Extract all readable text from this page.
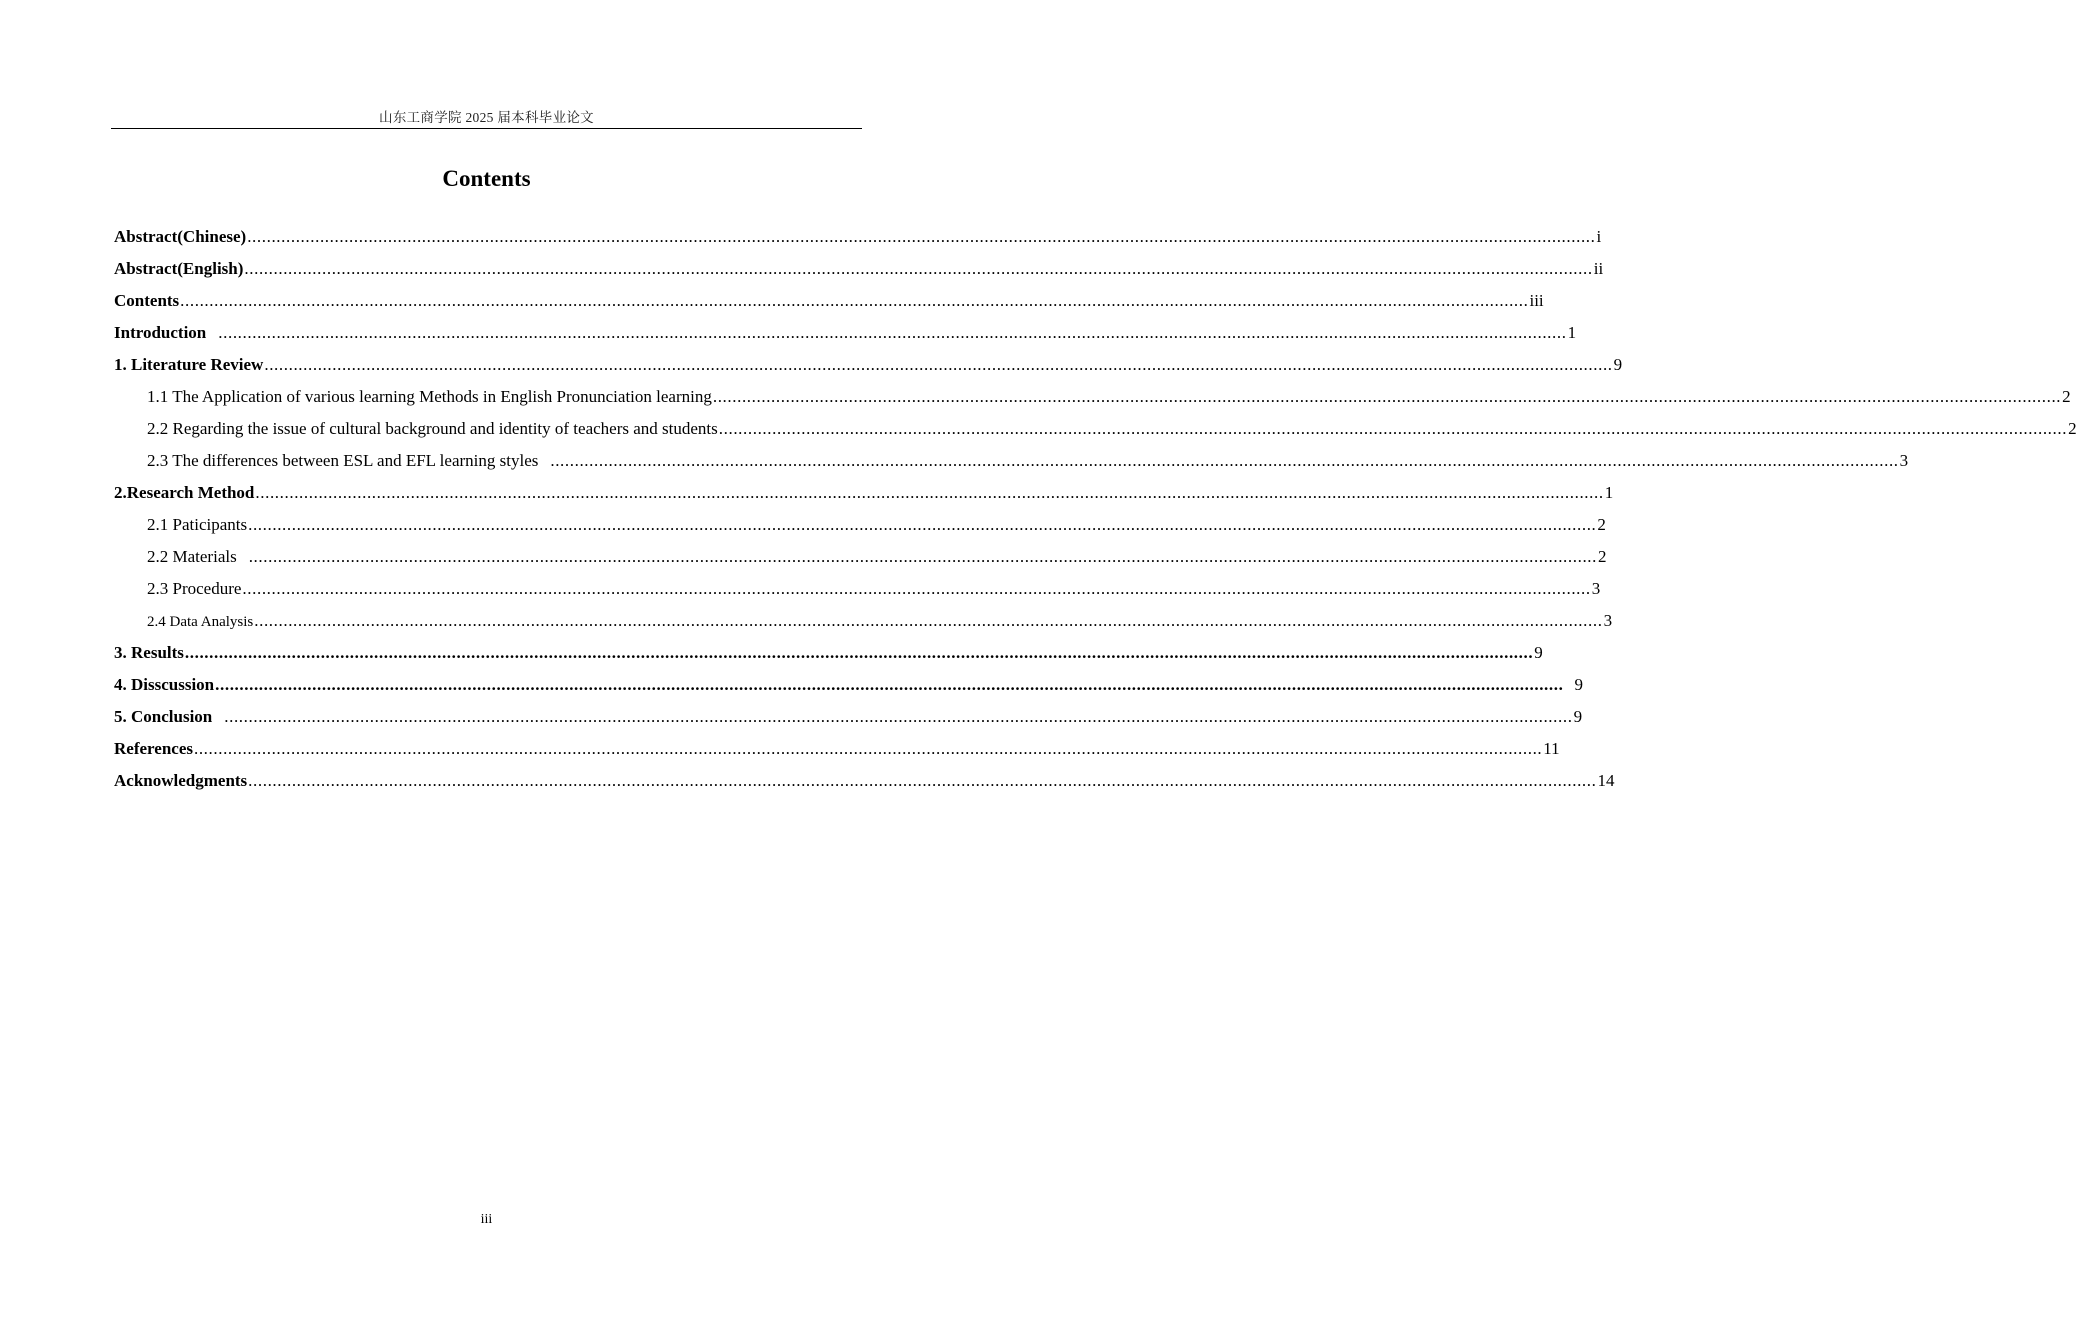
山东工商学院 2025 届本科毕业论文
Contents
Abstract(Chinese) ...................................................................................................................................................................................................................................................................................... i
Abstract(English) ...................................................................................................................................................................................................................................................................................... ii
Contents ...................................................................................................................................................................................................................................................................................... iii
Introduction ...................................................................................................................................................................................................................................................................................... 1
1. Literature Review ...................................................................................................................................................................................................................................................................................... 9
1.1 The Application of various learning Methods in English Pronunciation learning ...................................................................................................................................................................................................................................................................................... 2
2.2 Regarding the issue of cultural background and identity of teachers and students ...................................................................................................................................................................................................................................................................................... 2
2.3 The differences between ESL and EFL learning styles ...................................................................................................................................................................................................................................................................................... 3
2.Research Method ...................................................................................................................................................................................................................................................................................... 1
2.1 Paticipants ...................................................................................................................................................................................................................................................................................... 2
2.2 Materials ...................................................................................................................................................................................................................................................................................... 2
2.3 Procedure ...................................................................................................................................................................................................................................................................................... 3
2.4 Data Analysis ...................................................................................................................................................................................................................................................................................... 3
3. Results ...................................................................................................................................................................................................................................................................................... 9
4. Disscussion ...................................................................................................................................................................................................................................................................................... 9
5. Conclusion ...................................................................................................................................................................................................................................................................................... 9
References ...................................................................................................................................................................................................................................................................................... 11
Acknowledgments ...................................................................................................................................................................................................................................................................................... 14
iii
